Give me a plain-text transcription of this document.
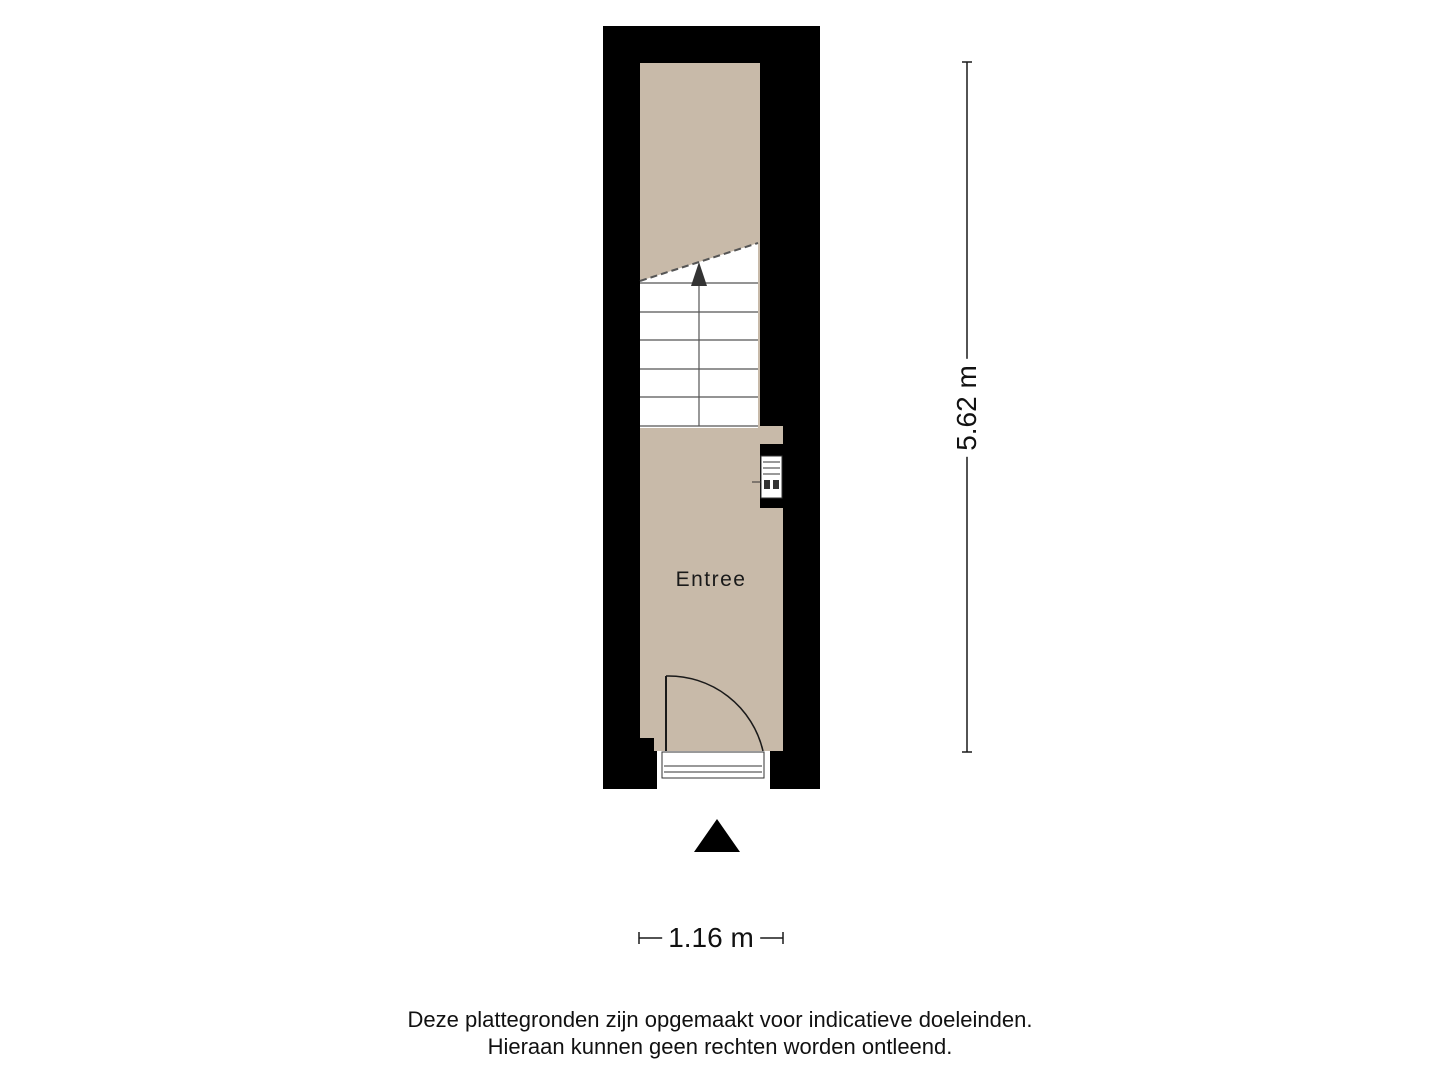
Entree
5.62 m
1.16 m
Deze plattegronden zijn opgemaakt voor indicatieve doeleinden.
Hieraan kunnen geen rechten worden ontleend.
